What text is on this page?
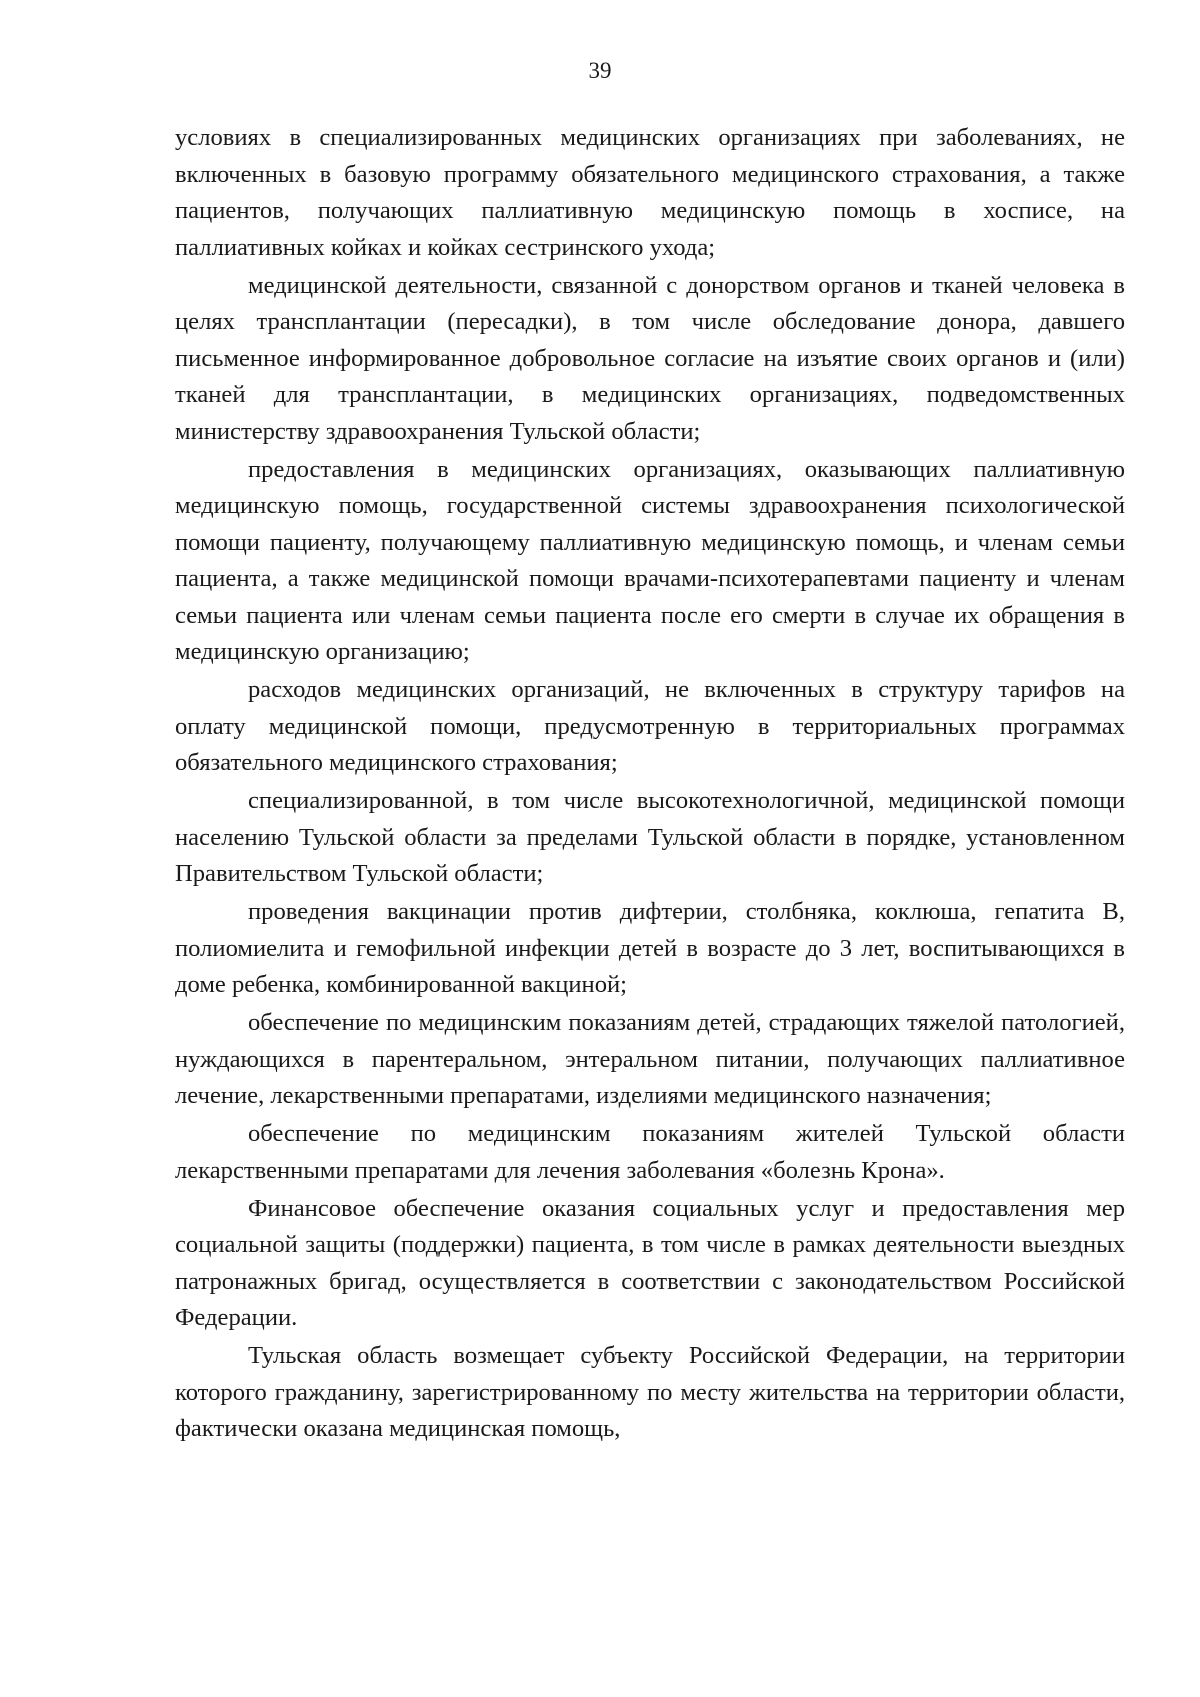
39

условиях в специализированных медицинских организациях при заболеваниях, не включенных в базовую программу обязательного медицинского страхования, а также пациентов, получающих паллиативную медицинскую помощь в хосписе, на паллиативных койках и койках сестринского ухода;

медицинской деятельности, связанной с донорством органов и тканей человека в целях трансплантации (пересадки), в том числе обследование донора, давшего письменное информированное добровольное согласие на изъятие своих органов и (или) тканей для трансплантации, в медицинских организациях, подведомственных министерству здравоохранения Тульской области;

предоставления в медицинских организациях, оказывающих паллиативную медицинскую помощь, государственной системы здравоохранения психологической помощи пациенту, получающему паллиативную медицинскую помощь, и членам семьи пациента, а также медицинской помощи врачами-психотерапевтами пациенту и членам семьи пациента или членам семьи пациента после его смерти в случае их обращения в медицинскую организацию;

расходов медицинских организаций, не включенных в структуру тарифов на оплату медицинской помощи, предусмотренную в территориальных программах обязательного медицинского страхования;

специализированной, в том числе высокотехнологичной, медицинской помощи населению Тульской области за пределами Тульской области в порядке, установленном Правительством Тульской области;

проведения вакцинации против дифтерии, столбняка, коклюша, гепатита B, полиомиелита и гемофильной инфекции детей в возрасте до 3 лет, воспитывающихся в доме ребенка, комбинированной вакциной;

обеспечение по медицинским показаниям детей, страдающих тяжелой патологией, нуждающихся в парентеральном, энтеральном питании, получающих паллиативное лечение, лекарственными препаратами, изделиями медицинского назначения;

обеспечение по медицинским показаниям жителей Тульской области лекарственными препаратами для лечения заболевания «болезнь Крона».

Финансовое обеспечение оказания социальных услуг и предоставления мер социальной защиты (поддержки) пациента, в том числе в рамках деятельности выездных патронажных бригад, осуществляется в соответствии с законодательством Российской Федерации.

Тульская область возмещает субъекту Российской Федерации, на территории которого гражданину, зарегистрированному по месту жительства на территории области, фактически оказана медицинская помощь,
